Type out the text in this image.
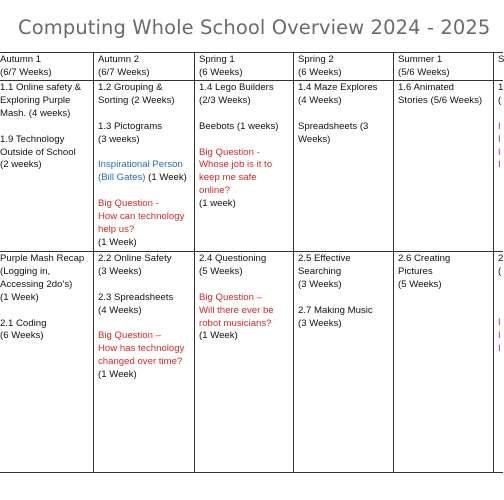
Computing Whole School Overview 2024 - 2025

Autumn 1

(6/7 Weeks)

Autumn 2

(6/7 Weeks)

Spring 1

(6 Weeks)

Spring 2

(6 Weeks)

Summer 1

(5/6 Weeks)

S

1.1 Online safety &

Exploring Purple

Mash. (4 weeks)

1.9 Technology

Outside of School

(2 weeks)

1.2 Grouping &

Sorting (2 Weeks)

1.3 Pictograms

(3 weeks)

Inspirational Person

(Bill Gates) (1 Week)

Big Question -

How can technology

help us?

(1 Week)

1.4 Lego Builders

(2/3 Weeks)

Beebots (1 weeks)

Big Question -

Whose job is it to

keep me safe

online?

(1 week)

1.4 Maze Explores

(4 Weeks)

Spreadsheets (3

Weeks)

1.6 Animated

Stories (5/6 Weeks)

1

(

I

I

I

I

Purple Mash Recap

(Logging in,

Accessing 2do’s)

(1 Week)

2.1 Coding

(6 Weeks)

2.2 Online Safety

(3 Weeks)

2.3 Spreadsheets

(4 Weeks)

Big Question –

How has technology

changed over time?

(1 Week)

2.4 Questioning

(5 Weeks)

Big Question –

Will there ever be

robot musicians?

(1 Week)

2.5 Effective

Searching

(3 Weeks)

2.7 Making Music

(3 Weeks)

2.6 Creating

Pictures

(5 Weeks)

2

(

I

I

I
